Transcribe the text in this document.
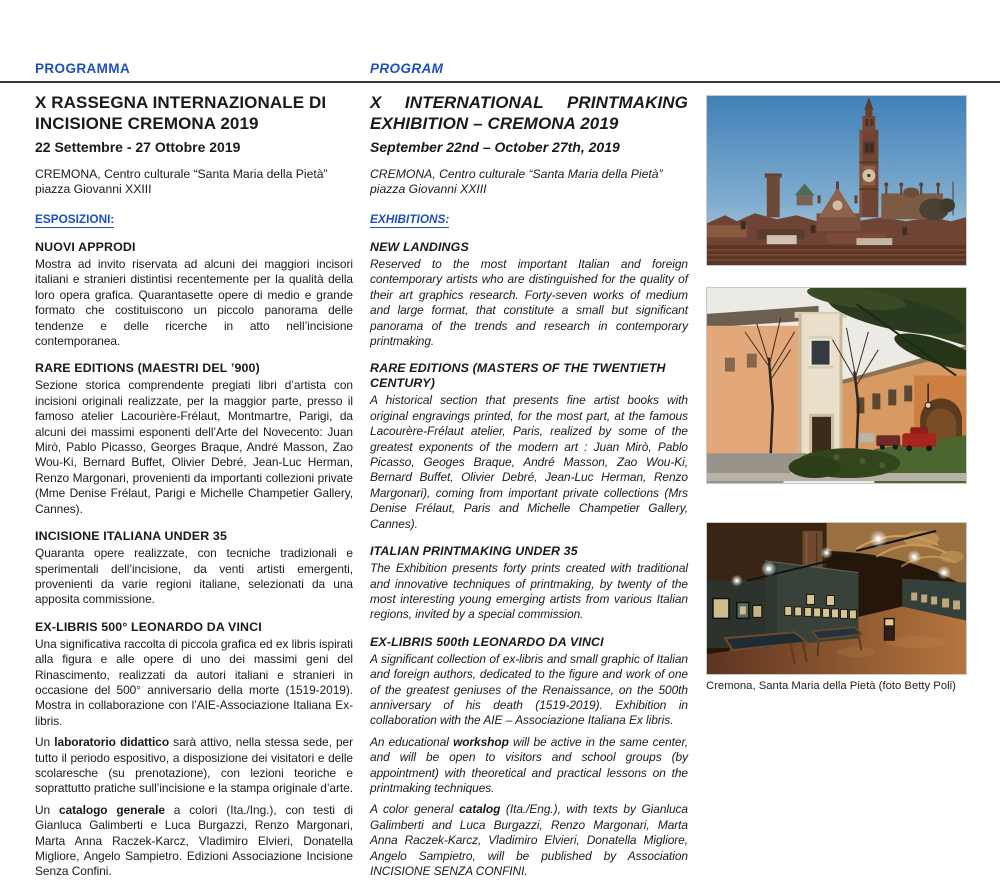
PROGRAMMA	PROGRAM
X RASSEGNA INTERNAZIONALE DI
INCISIONE CREMONA 2019
22 Settembre - 27 Ottobre 2019
CREMONA, Centro culturale “Santa Maria della Pietà”
piazza Giovanni XXIII
ESPOSIZIONI:
NUOVI APPRODI

Mostra ad invito riservata ad alcuni dei maggiori incisori italiani e stranieri distintisi recentemente per la qualità della loro opera grafica. Quarantasette opere di medio e grande formato che costituiscono un piccolo panorama delle tendenze e delle ricerche in atto nell’incisione contemporanea.

RARE EDITIONS (MAESTRI DEL ’900)

Sezione storica comprendente pregiati libri d’artista con incisioni originali realizzate, per la maggior parte, presso il famoso atelier Lacourière-Frélaut, Montmartre, Parigi, da alcuni dei massimi esponenti dell’Arte del Novecento: Juan Mirò, Pablo Picasso, Georges Braque, André Masson, Zao Wou-Ki, Bernard Buffet, Olivier Debré, Jean-Luc Herman, Renzo Margonari, provenienti da importanti collezioni private (Mme Denise Frélaut, Parigi e Michelle Champetier Gallery, Cannes).

INCISIONE ITALIANA UNDER 35

Quaranta opere realizzate, con tecniche tradizionali e sperimentali dell’incisione, da venti artisti emergenti, provenienti da varie regioni italiane, selezionati da una apposita commissione.

EX-LIBRIS 500° LEONARDO DA VINCI

Una significativa raccolta di piccola grafica ed ex libris ispirati alla figura e alle opere di uno dei massimi geni del Rinascimento, realizzati da autori italiani e stranieri in occasione del 500° anniversario della morte (1519-2019). Mostra in collaborazione con l’AIE-Associazione Italiana Ex-libris.

Un laboratorio didattico sarà attivo, nella stessa sede, per tutto il periodo espositivo, a disposizione dei visitatori e delle scolaresche (su prenotazione), con lezioni teoriche e soprattutto pratiche sull’incisione e la stampa originale d’arte.

Un catalogo generale a colori (Ita./Ing.), con testi di Gianluca Galimberti e Luca Burgazzi, Renzo Margonari, Marta Anna Raczek-Karcz, Vladimiro Elvieri, Donatella Migliore, Angelo Sampietro. Edizioni Associazione Incisione Senza Confini.

X INTERNATIONAL PRINTMAKING
EXHIBITION – CREMONA 2019
September 22nd – October 27th, 2019
CREMONA, Centro culturale “Santa Maria della Pietà”
piazza Giovanni XXIII
EXHIBITIONS:
NEW LANDINGS

Reserved to the most important Italian and foreign contemporary artists who are distinguished for the quality of their art graphics research. Forty-seven works of medium and large format, that constitute a small but significant panorama of the trends and research in contemporary printmaking.

RARE EDITIONS (MASTERS OF THE TWENTIETH CENTURY)

A historical section that presents fine artist books with original engravings printed, for the most part, at the famous Lacourère-Frélaut atelier, Paris, realized by some of the greatest exponents of the modern art : Juan Mirò, Pablo Picasso, Geoges Braque, André Masson, Zao Wou-Ki, Bernard Buffet, Olivier Debré, Jean-Luc Herman, Renzo Margonari), coming from important private collections (Mrs Denise Frélaut, Paris and Michelle Champetier Gallery, Cannes).

ITALIAN PRINTMAKING UNDER 35

The Exhibition presents forty prints created with traditional and innovative techniques of printmaking, by twenty of the most interesting young emerging artists from various Italian regions, invited by a special commission.

EX-LIBRIS 500th LEONARDO DA VINCI

A significant collection of ex-libris and small graphic of Italian and foreign authors, dedicated to the figure and work of one of the greatest geniuses of the Renaissance, on the 500th anniversary of his death (1519-2019). Exhibition in collaboration with the AIE – Associazione Italiana Ex libris.

An educational workshop will be active in the same center, and will be open to visitors and school groups (by appointment) with theoretical and practical lessons on the printmaking techniques.

A color general catalog (Ita./Eng.), with texts by Gianluca Galimberti and Luca Burgazzi, Renzo Margonari, Marta Anna Raczek-Karcz, Vladimiro Elvieri, Donatella Migliore, Angelo Sampietro, will be published by Association INCISIONE SENZA CONFINI.

Cremona, Santa Maria della Pietà (foto Betty Poli)
